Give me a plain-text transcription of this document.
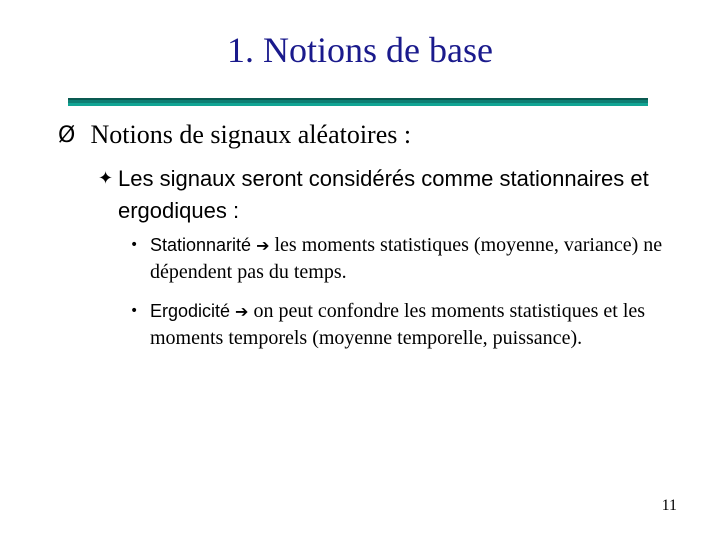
1. Notions de base
Ø Notions de signaux aléatoires :
✦ Les signaux seront considérés comme stationnaires et ergodiques :
• Stationnarité ➔ les moments statistiques (moyenne, variance) ne dépendent pas du temps.
• Ergodicité ➔ on peut confondre les moments statistiques et les moments temporels (moyenne temporelle, puissance).
11
